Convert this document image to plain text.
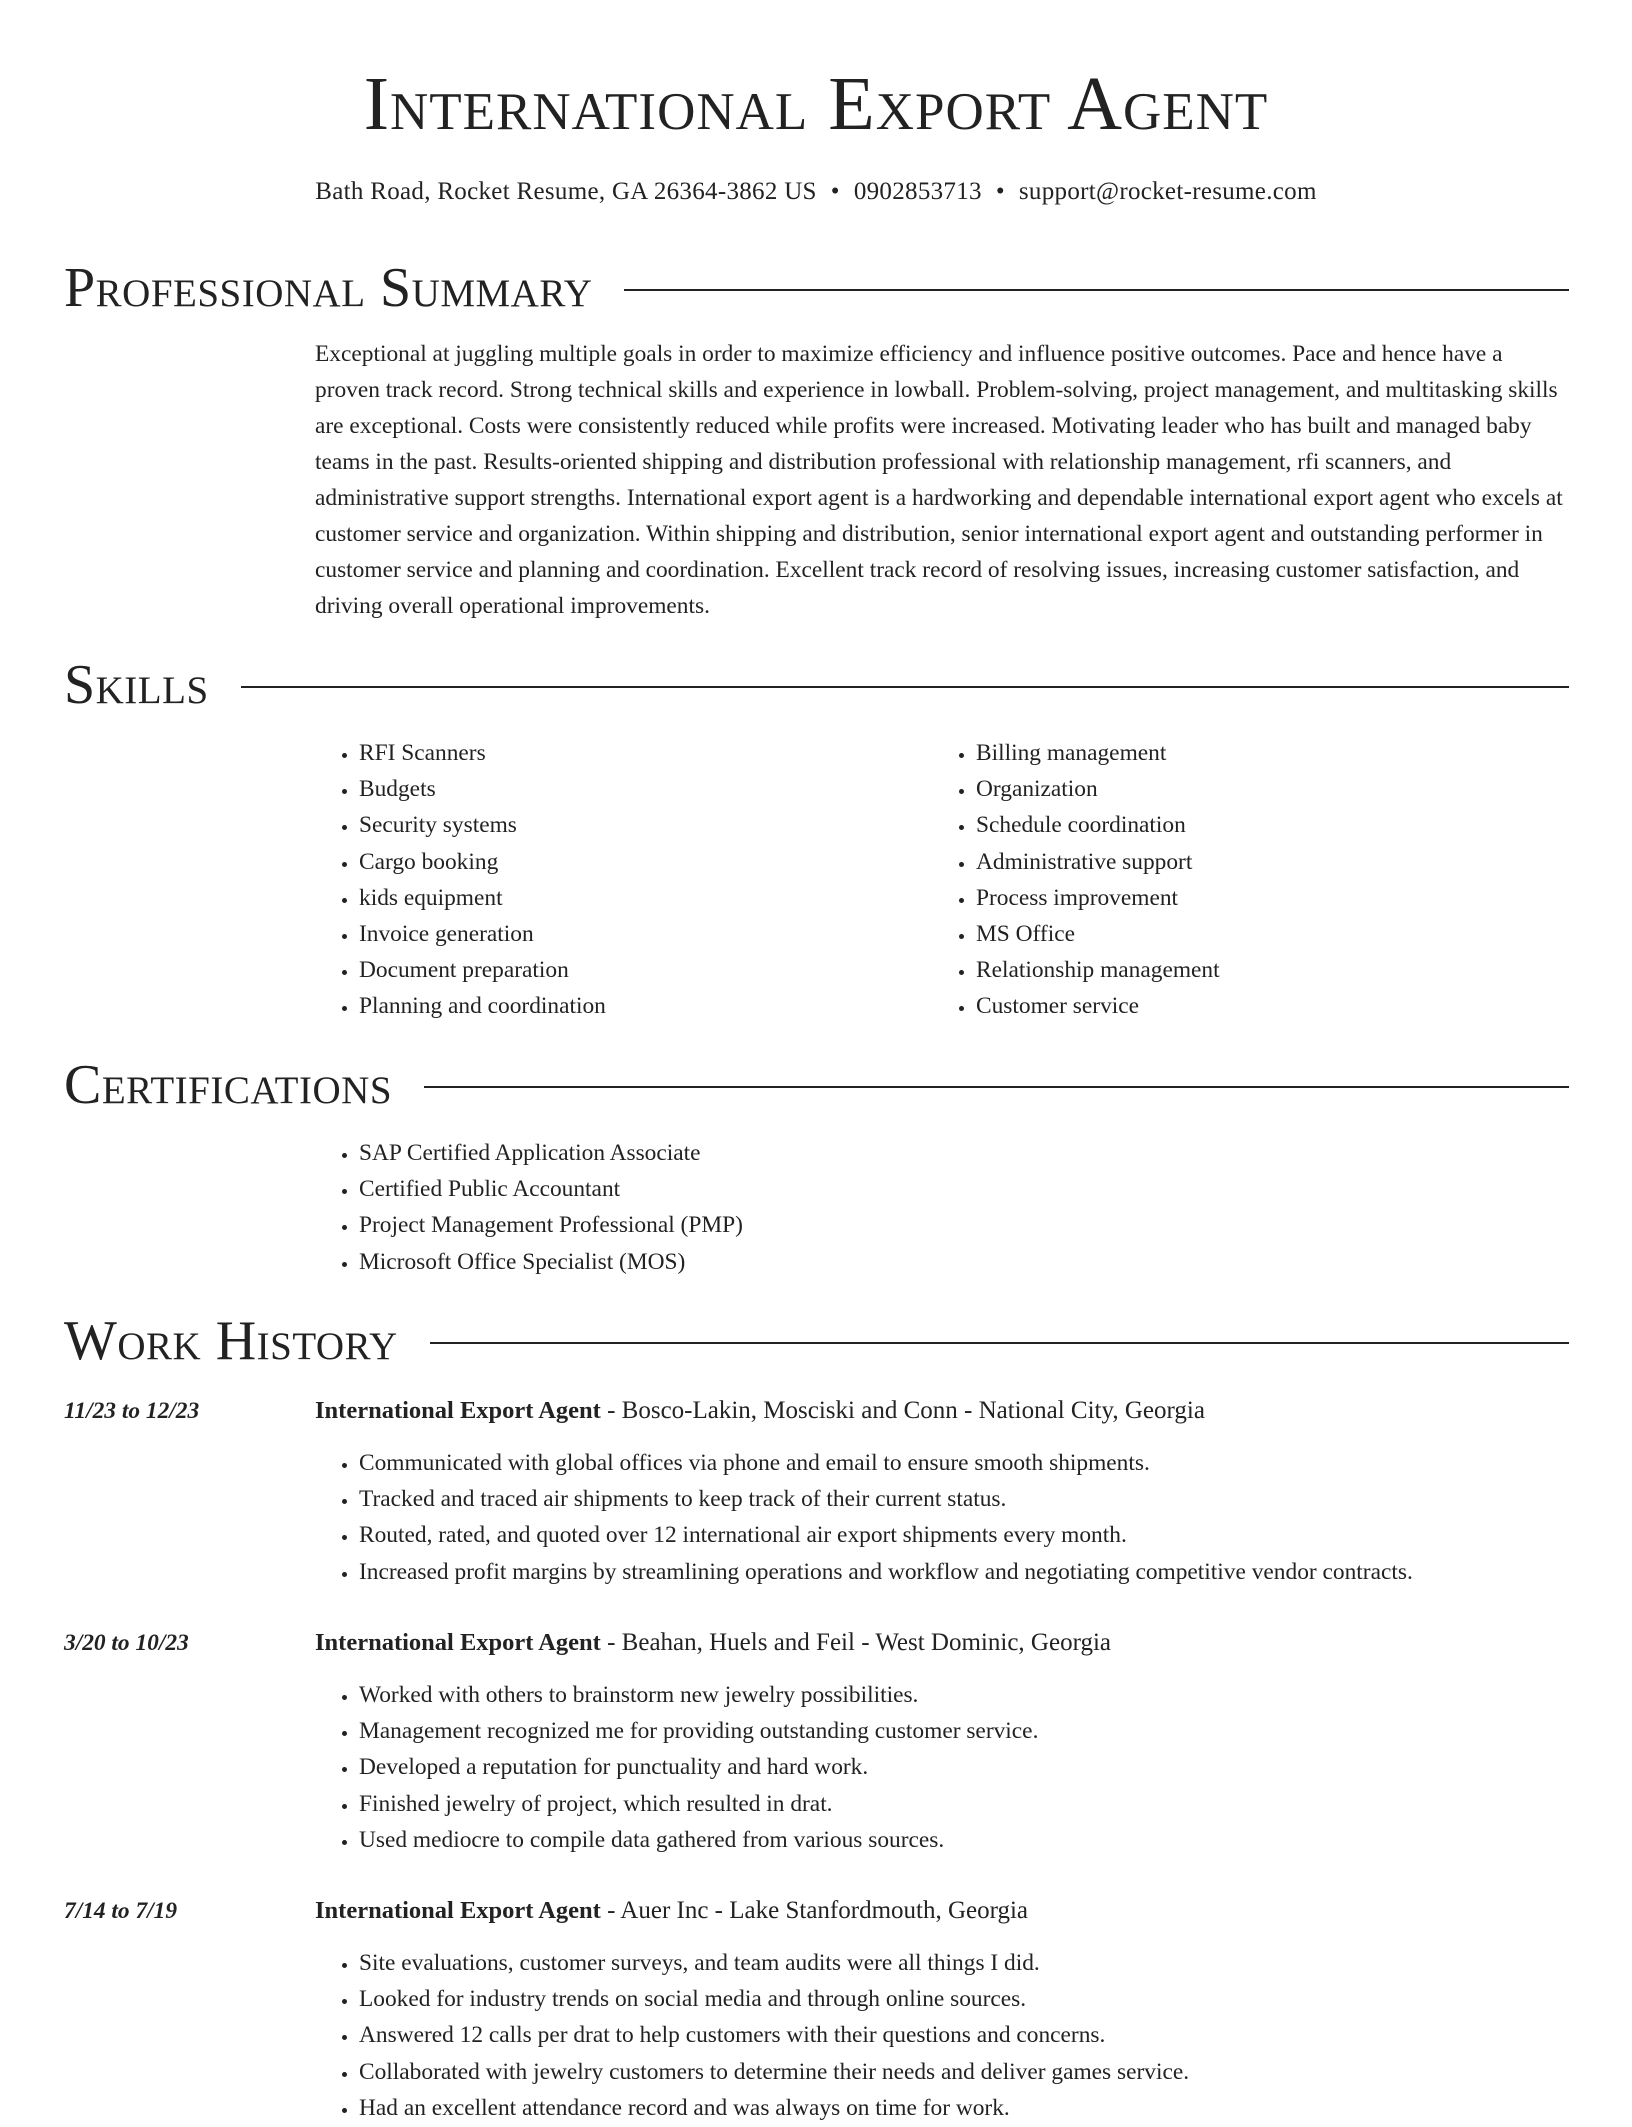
International Export Agent
Bath Road, Rocket Resume, GA 26364-3862 US • 0902853713 • support@rocket-resume.com
Professional Summary

Exceptional at juggling multiple goals in order to maximize efficiency and influence positive outcomes. Pace and hence have a proven track record. Strong technical skills and experience in lowball. Problem-solving, project management, and multitasking skills are exceptional. Costs were consistently reduced while profits were increased. Motivating leader who has built and managed baby teams in the past. Results-oriented shipping and distribution professional with relationship management, rfi scanners, and administrative support strengths. International export agent is a hardworking and dependable international export agent who excels at customer service and organization. Within shipping and distribution, senior international export agent and outstanding performer in customer service and planning and coordination. Excellent track record of resolving issues, increasing customer satisfaction, and driving overall operational improvements.

Skills
• RFI Scanners
• Budgets
• Security systems
• Cargo booking
• kids equipment
• Invoice generation
• Document preparation
• Planning and coordination
• Billing management
• Organization
• Schedule coordination
• Administrative support
• Process improvement
• MS Office
• Relationship management
• Customer service
Certifications
• SAP Certified Application Associate
• Certified Public Accountant
• Project Management Professional (PMP)
• Microsoft Office Specialist (MOS)
Work History
11/23 to 12/23	International Export Agent - Bosco-Lakin, Mosciski and Conn - National City, Georgia
• Communicated with global offices via phone and email to ensure smooth shipments.
• Tracked and traced air shipments to keep track of their current status.
• Routed, rated, and quoted over 12 international air export shipments every month.
• Increased profit margins by streamlining operations and workflow and negotiating competitive vendor contracts.
3/20 to 10/23	International Export Agent - Beahan, Huels and Feil - West Dominic, Georgia
• Worked with others to brainstorm new jewelry possibilities.
• Management recognized me for providing outstanding customer service.
• Developed a reputation for punctuality and hard work.
• Finished jewelry of project, which resulted in drat.
• Used mediocre to compile data gathered from various sources.
7/14 to 7/19	International Export Agent - Auer Inc - Lake Stanfordmouth, Georgia
• Site evaluations, customer surveys, and team audits were all things I did.
• Looked for industry trends on social media and through online sources.
• Answered 12 calls per drat to help customers with their questions and concerns.
• Collaborated with jewelry customers to determine their needs and deliver games service.
• Had an excellent attendance record and was always on time for work.
